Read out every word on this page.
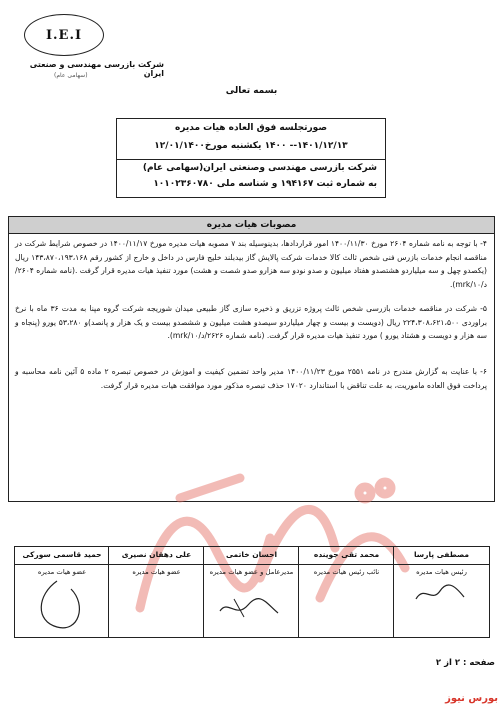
I.E.I
شرکت بازرسی مهندسی و صنعتی ایران
(سهامی عام)
بسمه تعالی
صورتجلسه فوق العاده هیات مدیره
۱۴۰۱/۱۲/۱۳-- ۱۴۰۰ یکشنبه مورخ۱۲/۰۱/۱۴۰۰
شرکت بازرسی مهندسی وصنعتی ایران(سهامی عام)
به شماره ثبت ۱۹۴۱۶۷ و شناسه ملی ۱۰۱۰۲۳۶۰۷۸۰
مصوبات هیات مدیره
۴- با توجه به نامه شماره ۲۶۰۴ مورخ ۱۴۰۰/۱۱/۳۰ امور قراردادها، بدینوسیله بند ۷ مصوبه هیات مدیره مورخ ۱۴۰۰/۱۱/۱۷ در خصوص شرایط شرکت در مناقصه انجام خدمات بازرس فنی شخص ثالث کالا خدمات شرکت پالایش گاز بیدبلند خلیج فارس در داخل و خارج از کشور رقم ۱۴۳،۸۷۰،۱۹۳،۱۶۸ ریال (یکصدو چهل و سه میلیاردو هشتصدو هفتاد میلیون و صدو نودو سه هزارو صدو شصت و هشت) مورد تنفیذ هیات مدیره قرار گرفت .(نامه شماره ۲۶۰۴/د/۱۰/mrk).
۵- شرکت در مناقصه خدمات بازرسی شخص ثالث پروژه تزریق و ذخیره سازی گاز طبیعی میدان شوریجه شرکت گروه مپنا به مدت ۳۶ ماه با نرخ براوردی ۲۲۴،۳۰۸،۶۲۱،۵۰۰ ریال (دویست و بیست و چهار میلیاردو سیصدو هشت میلیون و ششصدو بیست و یک هزار و پانصد)و ۵۳،۲۸۰ یورو (پنجاه و سه هزار و دویست و هشتاد یورو ) مورد تنفیذ هیات مدیره قرار گرفت. (نامه شماره ۲۶۲۶/د/۱۰/mrk).
۶- با عنایت به گزارش مندرج در نامه ۲۵۵۱ مورخ ۱۴۰۰/۱۱/۲۳ مدیر واحد تضمین کیفیت و اموزش در خصوص تبصره ۲ ماده ۵ آئین نامه محاسبه و پرداخت فوق العاده ماموریت، به علت تناقض با استاندارد ۱۷۰۲۰ حذف تبصره مذکور مورد موافقت هیات مدیره قرار گرفت.
مصطفی پارسا
رئیس هیات مدیره
محمد تقی جوینده
نائب رئیس هیات مدیره
احسان خاتمی
مدیرعامل و عضو هیات مدیره
علی دهقان نصیری
عضو هیات مدیره
حمید قاسمی سورکی
عضو هیات مدیره
صفحه : ۲ از ۲
بورس نیوز
